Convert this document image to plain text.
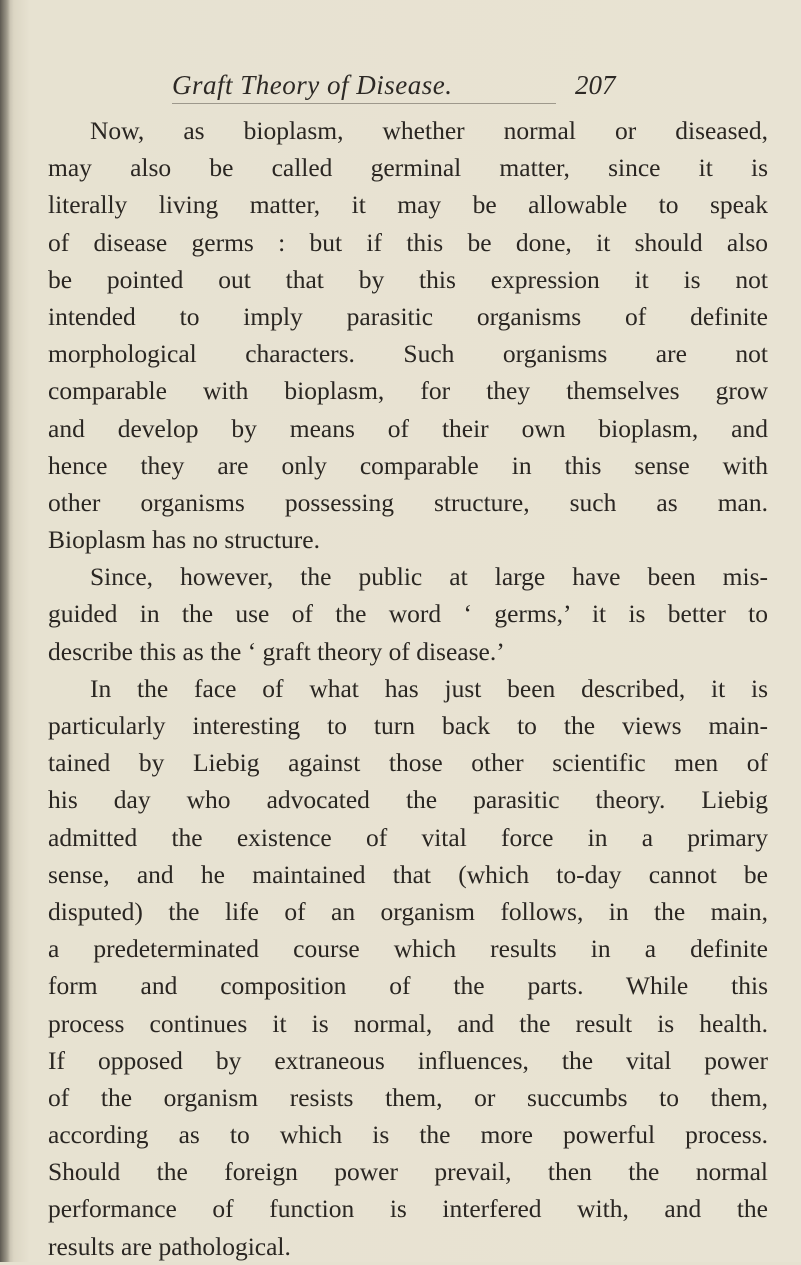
Graft Theory of Disease.	207
Now, as bioplasm, whether normal or diseased,
may also be called germinal matter, since it is
literally living matter, it may be allowable to speak
of disease germs : but if this be done, it should also
be pointed out that by this expression it is not
intended to imply parasitic organisms of definite
morphological characters. Such organisms are not
comparable with bioplasm, for they themselves grow
and develop by means of their own bioplasm, and
hence they are only comparable in this sense with
other organisms possessing structure, such as man.
Bioplasm has no structure.
Since, however, the public at large have been mis-
guided in the use of the word ‘ germs,’ it is better to
describe this as the ‘ graft theory of disease.’
In the face of what has just been described, it is
particularly interesting to turn back to the views main-
tained by Liebig against those other scientific men of
his day who advocated the parasitic theory. Liebig
admitted the existence of vital force in a primary
sense, and he maintained that (which to-day cannot be
disputed) the life of an organism follows, in the main,
a predeterminated course which results in a definite
form and composition of the parts. While this
process continues it is normal, and the result is health.
If opposed by extraneous influences, the vital power
of the organism resists them, or succumbs to them,
according as to which is the more powerful process.
Should the foreign power prevail, then the normal
performance of function is interfered with, and the
results are pathological.
